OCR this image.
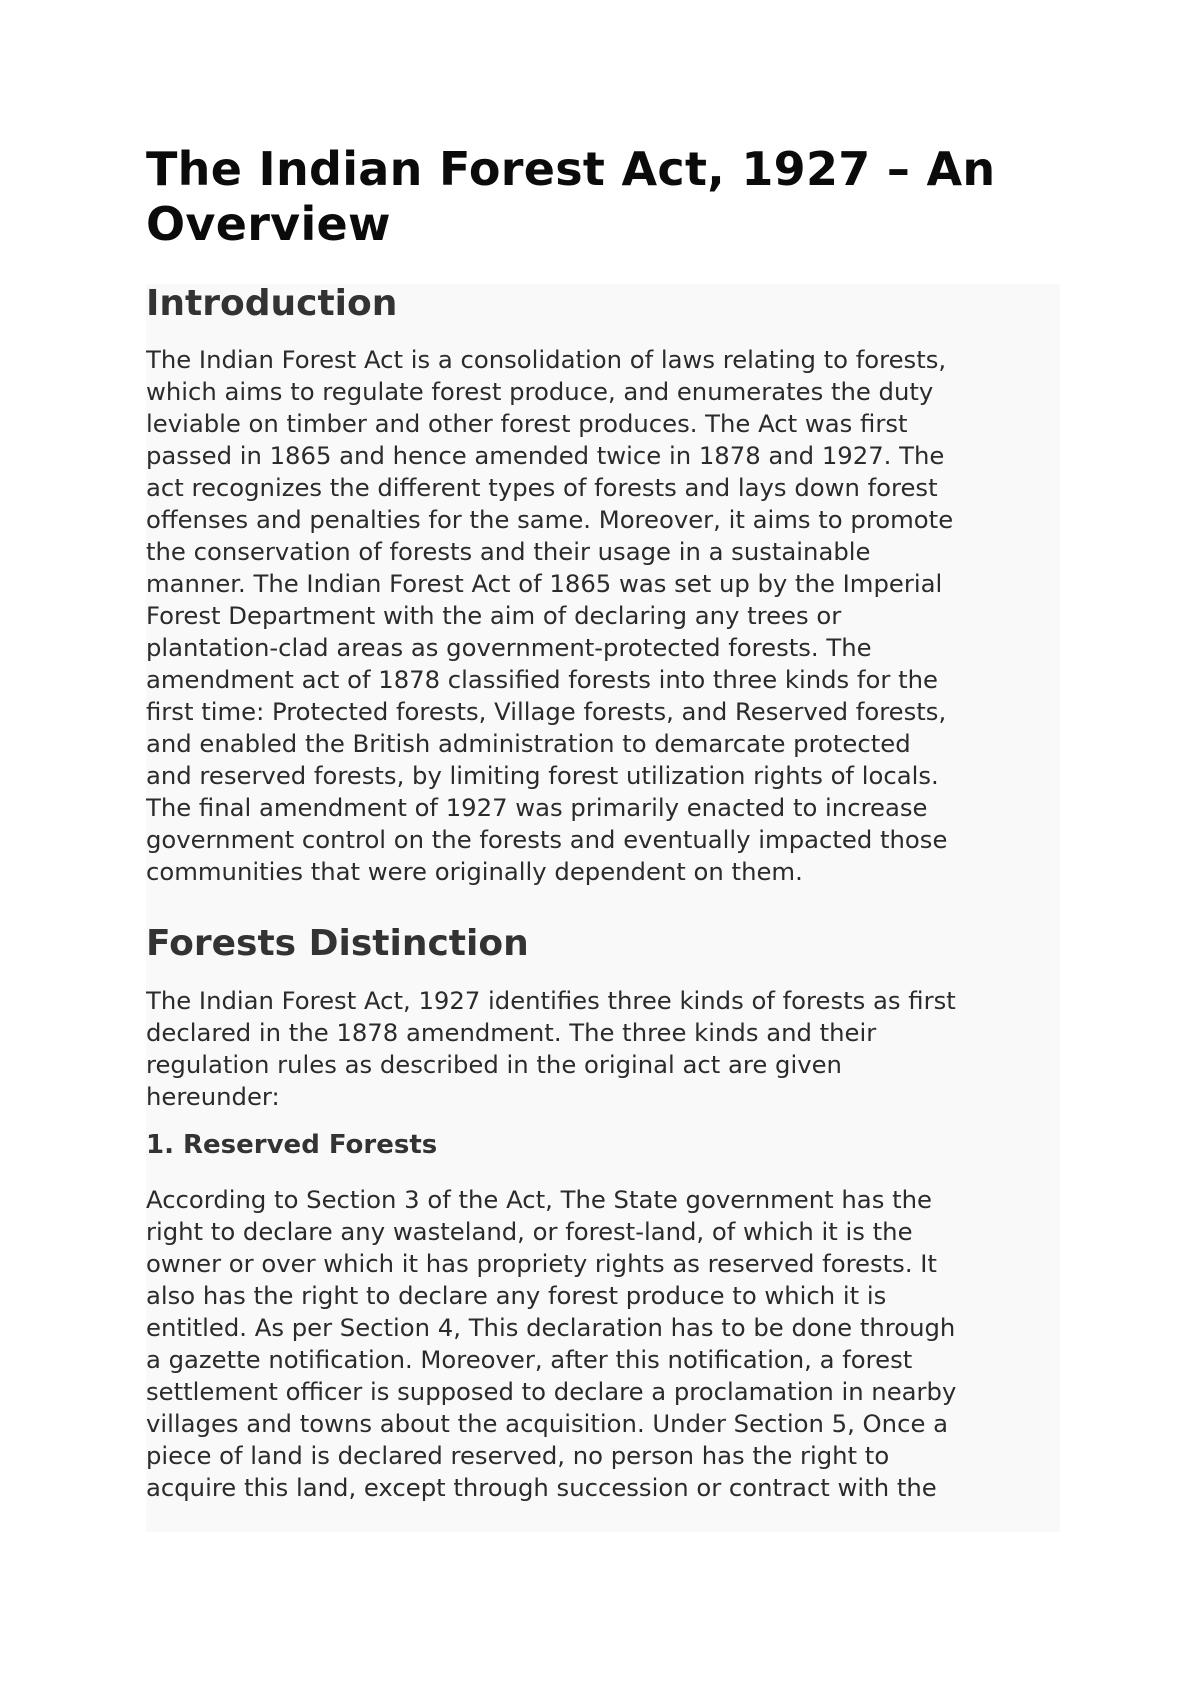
The Indian Forest Act, 1927 – An Overview
Introduction

The Indian Forest Act is a consolidation of laws relating to forests,
which aims to regulate forest produce, and enumerates the duty
leviable on timber and other forest produces. The Act was first
passed in 1865 and hence amended twice in 1878 and 1927. The
act recognizes the different types of forests and lays down forest
offenses and penalties for the same. Moreover, it aims to promote
the conservation of forests and their usage in a sustainable
manner. The Indian Forest Act of 1865 was set up by the Imperial
Forest Department with the aim of declaring any trees or
plantation-clad areas as government-protected forests. The
amendment act of 1878 classified forests into three kinds for the
first time: Protected forests, Village forests, and Reserved forests,
and enabled the British administration to demarcate protected
and reserved forests, by limiting forest utilization rights of locals.
The final amendment of 1927 was primarily enacted to increase
government control on the forests and eventually impacted those
communities that were originally dependent on them.

Forests Distinction

The Indian Forest Act, 1927 identifies three kinds of forests as first
declared in the 1878 amendment. The three kinds and their
regulation rules as described in the original act are given
hereunder:

1. Reserved Forests

According to Section 3 of the Act, The State government has the
right to declare any wasteland, or forest-land, of which it is the
owner or over which it has propriety rights as reserved forests. It
also has the right to declare any forest produce to which it is
entitled. As per Section 4, This declaration has to be done through
a gazette notification. Moreover, after this notification, a forest
settlement officer is supposed to declare a proclamation in nearby
villages and towns about the acquisition. Under Section 5, Once a
piece of land is declared reserved, no person has the right to
acquire this land, except through succession or contract with the
